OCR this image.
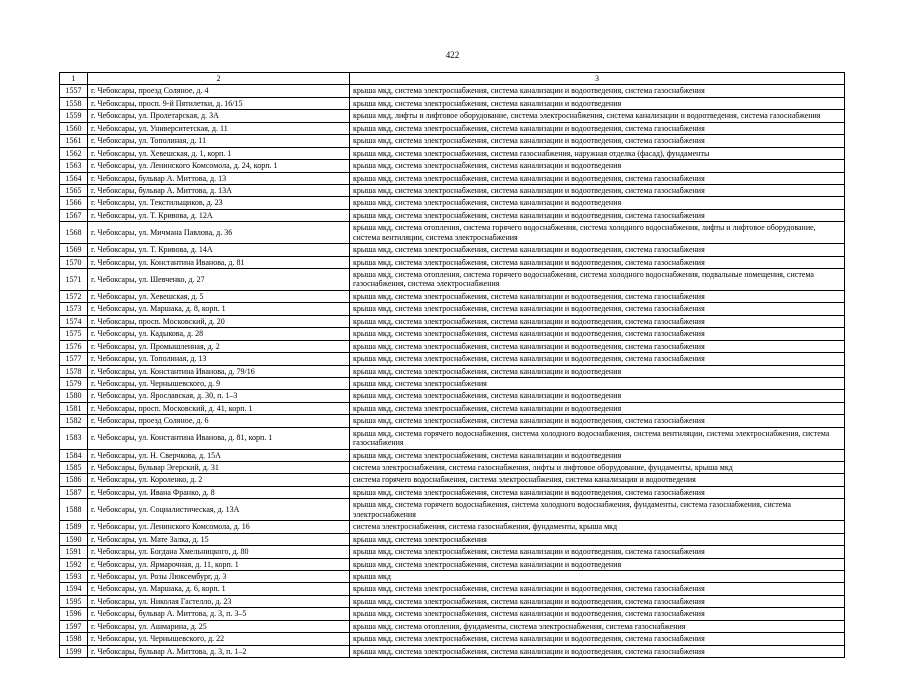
422
1	2	3
1557	г. Чебоксары, проезд Соляное, д. 4	крыша мкд, система электроснабжения, система канализации и водоотведения, система газоснабжения
1558	г. Чебоксары, просп. 9-й Пятилетки, д. 16/15	крыша мкд, система электроснабжения, система канализации и водоотведения
1559	г. Чебоксары, ул. Пролетарская, д. 3А	крыша мкд, лифты и лифтовое оборудование, система электроснабжения, система канализации и водоотведения, система газоснабжения
1560	г. Чебоксары, ул. Университетская, д. 11	крыша мкд, система электроснабжения, система канализации и водоотведения, система газоснабжения
1561	г. Чебоксары, ул. Тополиная, д. 11	крыша мкд, система электроснабжения, система канализации и водоотведения, система газоснабжения
1562	г. Чебоксары, ул. Хевешская, д. 1, корп. 1	крыша мкд, система электроснабжения, система газоснабжения, наружная отделка (фасад), фундаменты
1563	г. Чебоксары, ул. Ленинского Комсомола, д. 24, корп. 1	крыша мкд, система электроснабжения, система канализации и водоотведения
1564	г. Чебоксары, бульвар А. Миттова, д. 13	крыша мкд, система электроснабжения, система канализации и водоотведения, система газоснабжения
1565	г. Чебоксары, бульвар А. Миттова, д. 13А	крыша мкд, система электроснабжения, система канализации и водоотведения, система газоснабжения
1566	г. Чебоксары, ул. Текстильщиков, д. 23	крыша мкд, система электроснабжения, система канализации и водоотведения
1567	г. Чебоксары, ул. Т. Кривова, д. 12А	крыша мкд, система электроснабжения, система канализации и водоотведения, система газоснабжения
1568	г. Чебоксары, ул. Мичмана Павлова, д. 36	крыша мкд, система отопления, система горячего водоснабжения, система холодного водоснабжения, лифты и лифтовое оборудование, система вентиляции, система электроснабжения
1569	г. Чебоксары, ул. Т. Кривова, д. 14А	крыша мкд, система электроснабжения, система канализации и водоотведения, система газоснабжения
1570	г. Чебоксары, ул. Константина Иванова, д. 81	крыша мкд, система электроснабжения, система канализации и водоотведения, система газоснабжения
1571	г. Чебоксары, ул. Шевченко, д. 27	крыша мкд, система отопления, система горячего водоснабжения, система холодного водоснабжения, подвальные помещения, система газоснабжения, система электроснабжения
1572	г. Чебоксары, ул. Хевешская, д. 5	крыша мкд, система электроснабжения, система канализации и водоотведения, система газоснабжения
1573	г. Чебоксары, ул. Маршака, д. 8, корп. 1	крыша мкд, система электроснабжения, система канализации и водоотведения, система газоснабжения
1574	г. Чебоксары, просп. Московский, д. 20	крыша мкд, система электроснабжения, система канализации и водоотведения, система газоснабжения
1575	г. Чебоксары, ул. Кадыкова, д. 28	крыша мкд, система электроснабжения, система канализации и водоотведения, система газоснабжения
1576	г. Чебоксары, ул. Промышленная, д. 2	крыша мкд, система электроснабжения, система канализации и водоотведения, система газоснабжения
1577	г. Чебоксары, ул. Тополиная, д. 13	крыша мкд, система электроснабжения, система канализации и водоотведения, система газоснабжения
1578	г. Чебоксары, ул. Константина Иванова, д. 79/16	крыша мкд, система электроснабжения, система канализации и водоотведения
1579	г. Чебоксары, ул. Чернышевского, д. 9	крыша мкд, система электроснабжения
1580	г. Чебоксары, ул. Ярославская, д. 30, п. 1–3	крыша мкд, система электроснабжения, система канализации и водоотведения
1581	г. Чебоксары, просп. Московский, д. 41, корп. 1	крыша мкд, система электроснабжения, система канализации и водоотведения
1582	г. Чебоксары, проезд Соляное, д. 6	крыша мкд, система электроснабжения, система канализации и водоотведения, система газоснабжения
1583	г. Чебоксары, ул. Константина Иванова, д. 81, корп. 1	крыша мкд, система горячего водоснабжения, система холодного водоснабжения, система вентиляции, система электроснабжения, система газоснабжения
1584	г. Чебоксары, ул. Н. Сверчкова, д. 15А	крыша мкд, система электроснабжения, система канализации и водоотведения
1585	г. Чебоксары, бульвар Эгерский, д. 31	система электроснабжения, система газоснабжения, лифты и лифтовое оборудование, фундаменты, крыша мкд
1586	г. Чебоксары, ул. Короленко, д. 2	система горячего водоснабжения, система электроснабжения, система канализации и водоотведения
1587	г. Чебоксары, ул. Ивана Франко, д. 8	крыша мкд, система электроснабжения, система канализации и водоотведения, система газоснабжения
1588	г. Чебоксары, ул. Социалистическая, д. 13А	крыша мкд, система горячего водоснабжения, система холодного водоснабжения, фундаменты, система газоснабжения, система электроснабжения
1589	г. Чебоксары, ул. Ленинского Комсомола, д. 16	система электроснабжения, система газоснабжения, фундаменты, крыша мкд
1590	г. Чебоксары, ул. Мате Залка, д. 15	крыша мкд, система электроснабжения
1591	г. Чебоксары, ул. Богдана Хмельницкого, д. 80	крыша мкд, система электроснабжения, система канализации и водоотведения, система газоснабжения
1592	г. Чебоксары, ул. Ярмарочная, д. 11, корп. 1	крыша мкд, система электроснабжения, система канализации и водоотведения
1593	г. Чебоксары, ул. Розы Люксембург, д. 3	крыша мкд
1594	г. Чебоксары, ул. Маршака, д. 6, корп. 1	крыша мкд, система электроснабжения, система канализации и водоотведения, система газоснабжения
1595	г. Чебоксары, ул. Николая Гастелло, д. 23	крыша мкд, система электроснабжения, система канализации и водоотведения, система газоснабжения
1596	г. Чебоксары, бульвар А. Миттова, д. 3, п. 3–5	крыша мкд, система электроснабжения, система канализации и водоотведения, система газоснабжения
1597	г. Чебоксары, ул. Ашмарина, д. 25	крыша мкд, система отопления, фундаменты, система электроснабжения, система газоснабжения
1598	г. Чебоксары, ул. Чернышевского, д. 22	крыша мкд, система электроснабжения, система канализации и водоотведения, система газоснабжения
1599	г. Чебоксары, бульвар А. Миттова, д. 3, п. 1–2	крыша мкд, система электроснабжения, система канализации и водоотведения, система газоснабжения
